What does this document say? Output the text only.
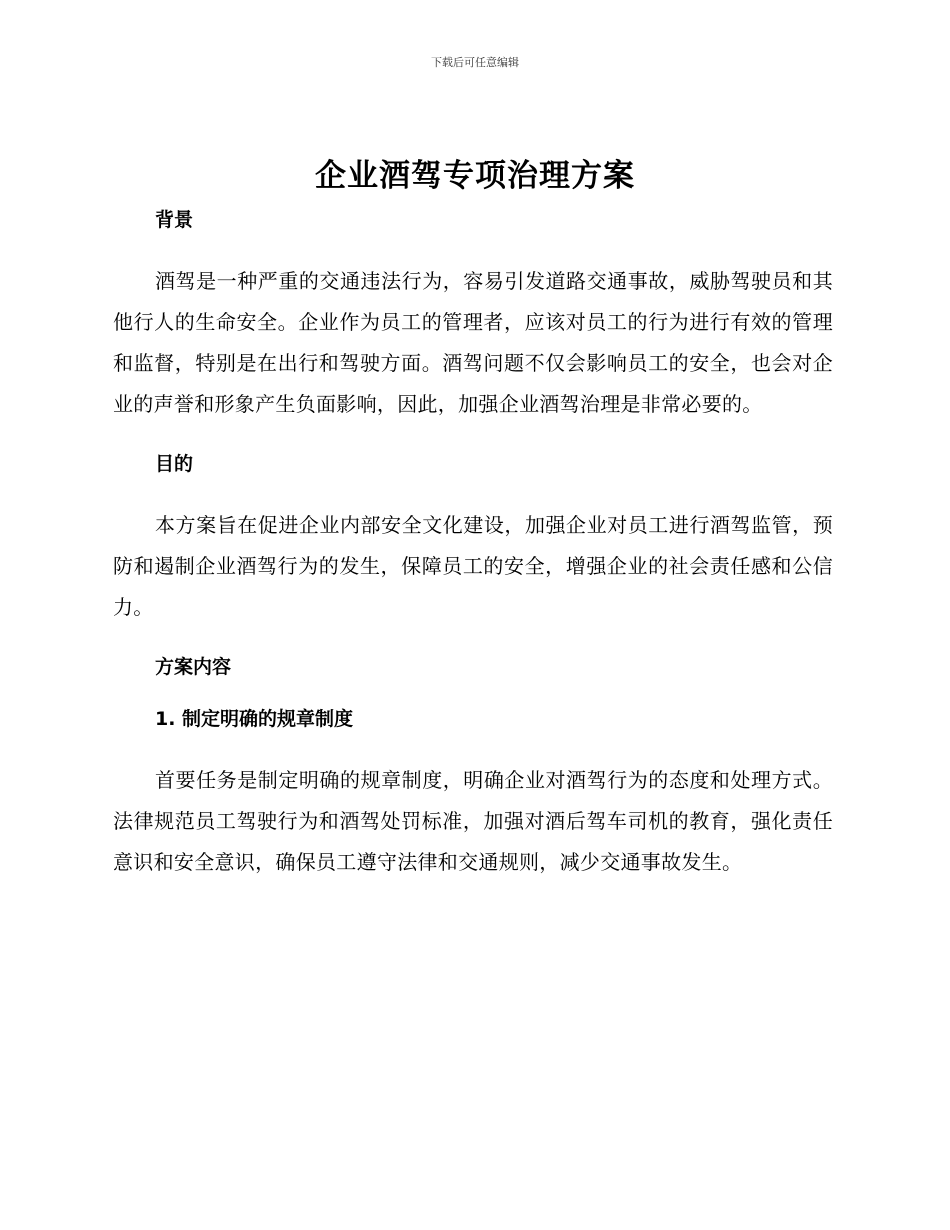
下载后可任意编辑
企业酒驾专项治理方案
背景

酒驾是一种严重的交通违法行为，容易引发道路交通事故，威胁驾驶员和其他行人的生命安全。企业作为员工的管理者，应该对员工的行为进行有效的管理和监督，特别是在出行和驾驶方面。酒驾问题不仅会影响员工的安全，也会对企业的声誉和形象产生负面影响，因此，加强企业酒驾治理是非常必要的。

目的

本方案旨在促进企业内部安全文化建设，加强企业对员工进行酒驾监管，预防和遏制企业酒驾行为的发生，保障员工的安全，增强企业的社会责任感和公信力。

方案内容
1. 制定明确的规章制度

首要任务是制定明确的规章制度，明确企业对酒驾行为的态度和处理方式。法律规范员工驾驶行为和酒驾处罚标准，加强对酒后驾车司机的教育，强化责任意识和安全意识，确保员工遵守法律和交通规则，减少交通事故发生。
